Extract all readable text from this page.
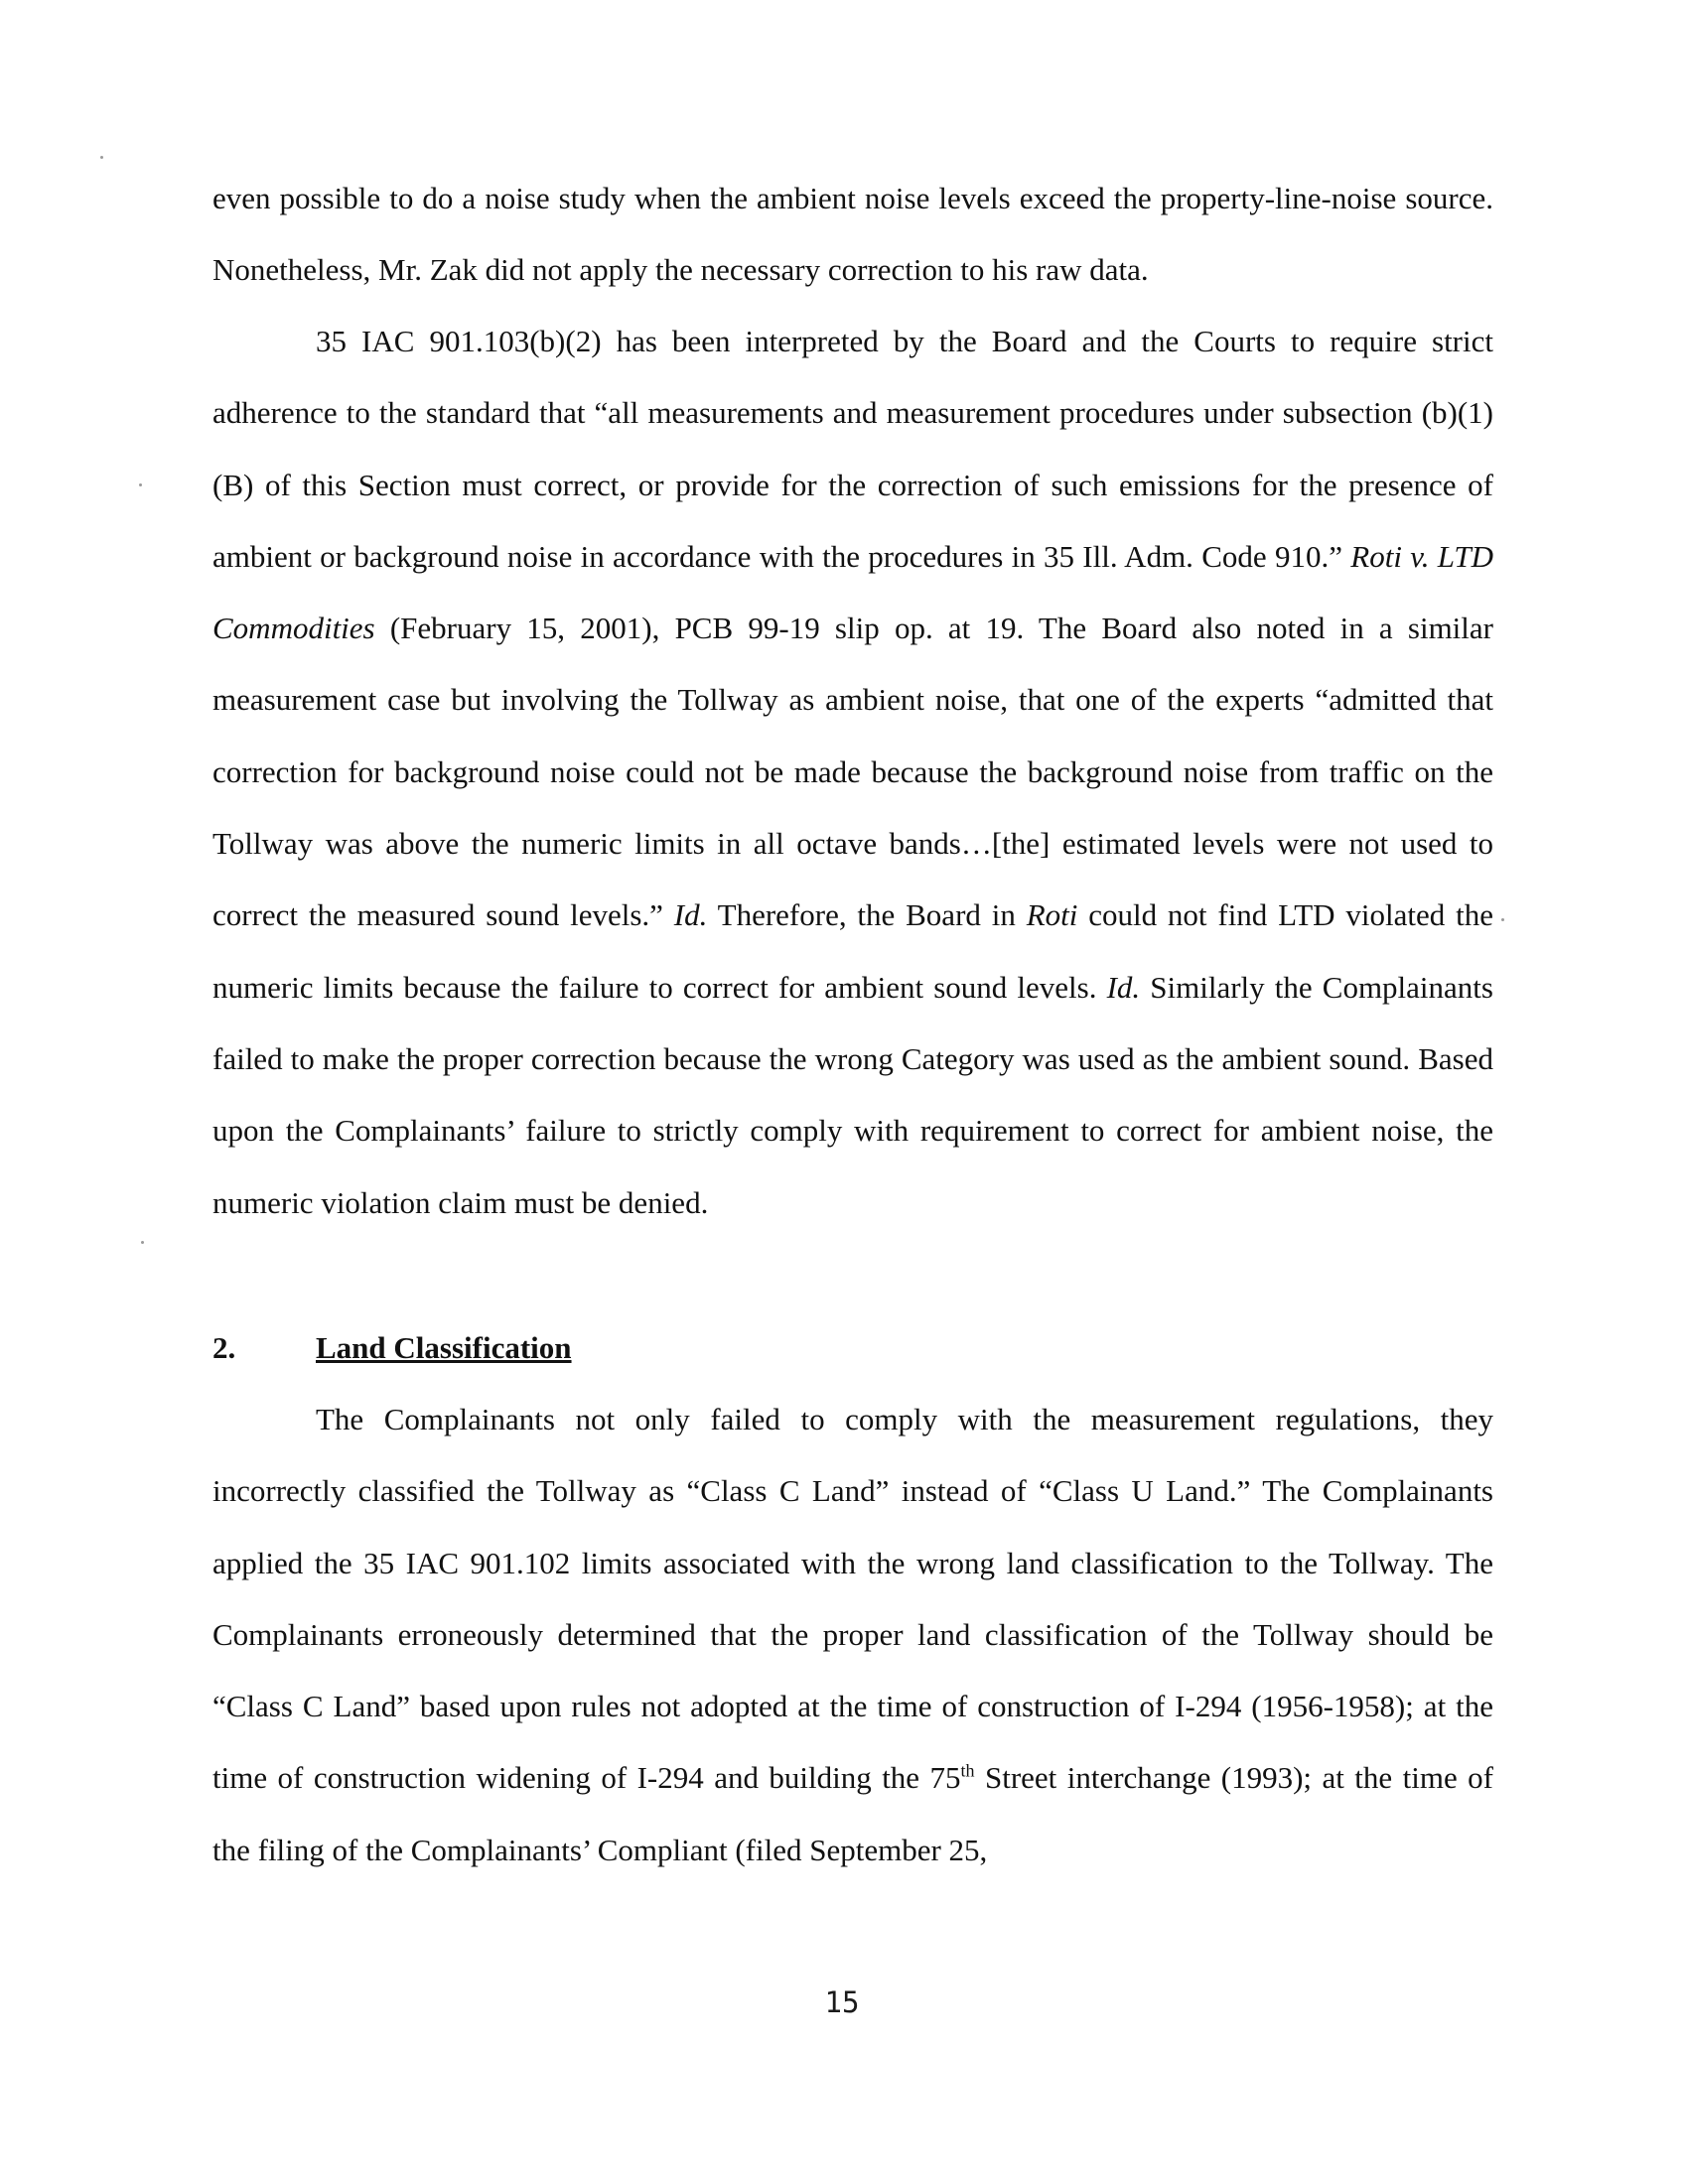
even possible to do a noise study when the ambient noise levels exceed the property-line-noise source. Nonetheless, Mr. Zak did not apply the necessary correction to his raw data.

35 IAC 901.103(b)(2) has been interpreted by the Board and the Courts to require strict adherence to the standard that “all measurements and measurement procedures under subsection (b)(1)(B) of this Section must correct, or provide for the correction of such emissions for the presence of ambient or background noise in accordance with the procedures in 35 Ill. Adm. Code 910.” Roti v. LTD Commodities (February 15, 2001), PCB 99-19 slip op. at 19. The Board also noted in a similar measurement case but involving the Tollway as ambient noise, that one of the experts “admitted that correction for background noise could not be made because the background noise from traffic on the Tollway was above the numeric limits in all octave bands…[the] estimated levels were not used to correct the measured sound levels.” Id. Therefore, the Board in Roti could not find LTD violated the numeric limits because the failure to correct for ambient sound levels. Id. Similarly the Complainants failed to make the proper correction because the wrong Category was used as the ambient sound. Based upon the Complainants’ failure to strictly comply with requirement to correct for ambient noise, the numeric violation claim must be denied.

2.	Land Classification

The Complainants not only failed to comply with the measurement regulations, they incorrectly classified the Tollway as “Class C Land” instead of “Class U Land.” The Complainants applied the 35 IAC 901.102 limits associated with the wrong land classification to the Tollway. The Complainants erroneously determined that the proper land classification of the Tollway should be “Class C Land” based upon rules not adopted at the time of construction of I-294 (1956-1958); at the time of construction widening of I-294 and building the 75th Street interchange (1993); at the time of the filing of the Complainants’ Compliant (filed September 25,

15
